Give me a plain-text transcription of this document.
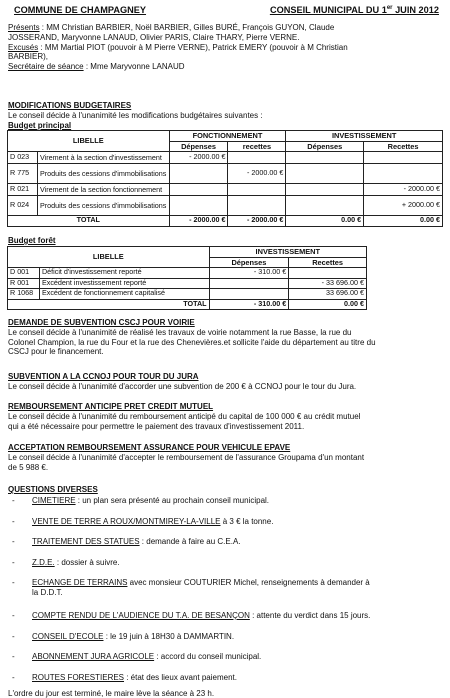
COMMUNE DE CHAMPAGNEY	CONSEIL MUNICIPAL DU 1er JUIN 2012

Présents : MM Christian BARBIER, Noël BARBIER, Gilles BURÉ, François GUYON, Claude

JOSSERAND, Maryvonne LANAUD, Olivier PARIS, Claire THARY, Pierre VERNE.

Excusés : MM Martial PIOT (pouvoir à M Pierre VERNE), Patrick EMERY (pouvoir à M Christian

BARBIER),

Secrétaire de séance : Mme Maryvonne LANAUD

MODIFICATIONS BUDGETAIRES

Le conseil décide à l'unanimité les modifications budgétaires suivantes :

Budget principal

LIBELLE		FONCTIONNEMENT		INVESTISSEMENT	
		Dépenses	recettes	Dépenses	Recettes
D 023	Virement à la section d'investissement	- 2000.00 €			
R 775	Produits des cessions d'immobilisations		- 2000.00 €		
R 021	Virement de la section fonctionnement				- 2000.00 €
R 024	Produits des cessions d'immobilisations				+ 2000.00 €
TOTAL		- 2000.00 €	- 2000.00 €	0.00 €	0.00 €

Budget forêt

LIBELLE		INVESTISSEMENT	
		Dépenses	Recettes
D 001	Déficit d'investissement reporté	- 310.00 €	
R 001	Excédent investissement reporté		- 33 696.00 €
R 1068	Excédent de fonctionnement capitalisé		33 696.00 €
TOTAL		- 310.00 €	0.00 €

DEMANDE DE SUBVENTION CSCJ POUR VOIRIE

Le conseil décide à l'unanimité de réalisé les travaux de voirie notamment la rue Basse, la rue du

Colonel Champion, la rue du Four et la rue des Chenevières.et sollicite l'aide du département au titre du

CSCJ pour le financement.

SUBVENTION A LA CCNOJ POUR TOUR DU JURA

Le conseil décide à l'unanimité d'accorder une subvention de 200 € à CCNOJ pour le tour du Jura.

REMBOURSEMENT ANTICIPE PRET CREDIT MUTUEL

Le conseil décide à l'unanimité du remboursement anticipé du capital de 100 000 € au crédit mutuel

qui a été nécessaire pour permettre le paiement des travaux d'investissement 2011.

ACCEPTATION REMBOURSEMENT ASSURANCE POUR VEHICULE EPAVE

Le conseil décide à l'unanimité d'accepter le remboursement de l'assurance Groupama d'un montant

de 5 988 €.

QUESTIONS DIVERSES

-	CIMETIERE : un plan sera présenté au prochain conseil municipal.
-	VENTE DE TERRE A ROUX/MONTMIREY-LA-VILLE à 3 € la tonne.
-	TRAITEMENT DES STATUES : demande à faire au C.E.A.
-	Z.D.E. : dossier à suivre.
-	ECHANGE DE TERRAINS avec monsieur COUTURIER Michel, renseignements à demander à
la D.D.T.
-	COMPTE RENDU DE L'AUDIENCE DU T.A. DE BESANÇON : attente du verdict dans 15 jours.
-	CONSEIL D'ECOLE : le 19 juin à 18H30 à DAMMARTIN.
-	ABONNEMENT JURA AGRICOLE : accord du conseil municipal.
-	ROUTES FORESTIERES : état des lieux avant paiement.

L'ordre du jour est terminé, le maire lève la séance à 23 h.
